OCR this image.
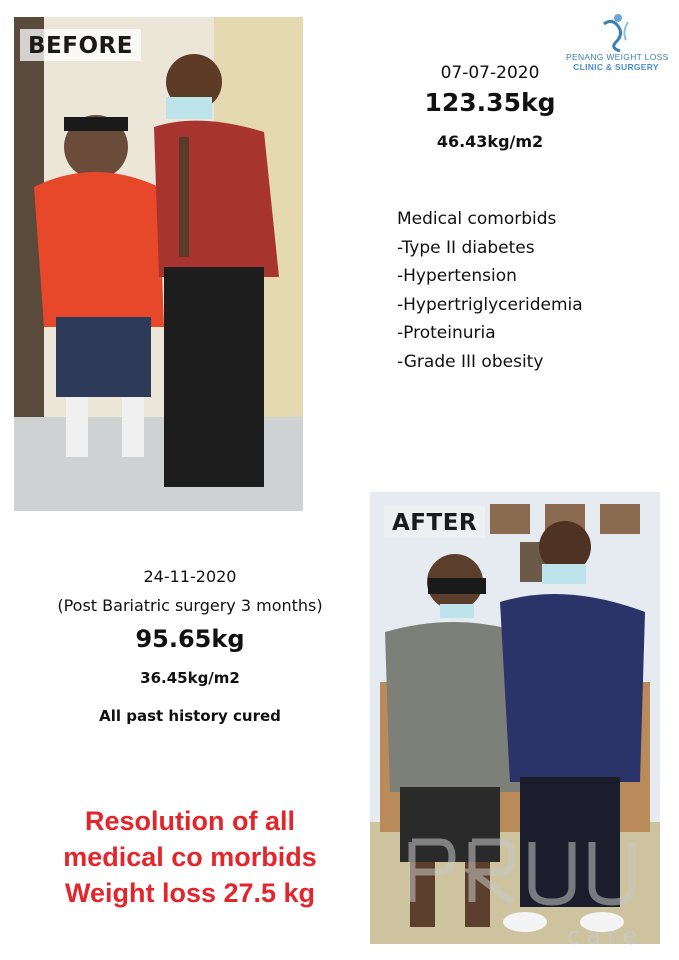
BEFORE	PENANG WEIGHT LOSS
CLINIC & SURGERY
07-07-2020
123.35kg
46.43kg/m2
Medical comorbids
-Type II diabetes
-Hypertension
-Hypertriglyceridemia
-Proteinuria
-Grade III obesity
24-11-2020
(Post Bariatric surgery 3 months)
95.65kg
36.45kg/m2
All past history cured
Resolution of all
medical co morbids
Weight loss 27.5 kg
AFTER
care
